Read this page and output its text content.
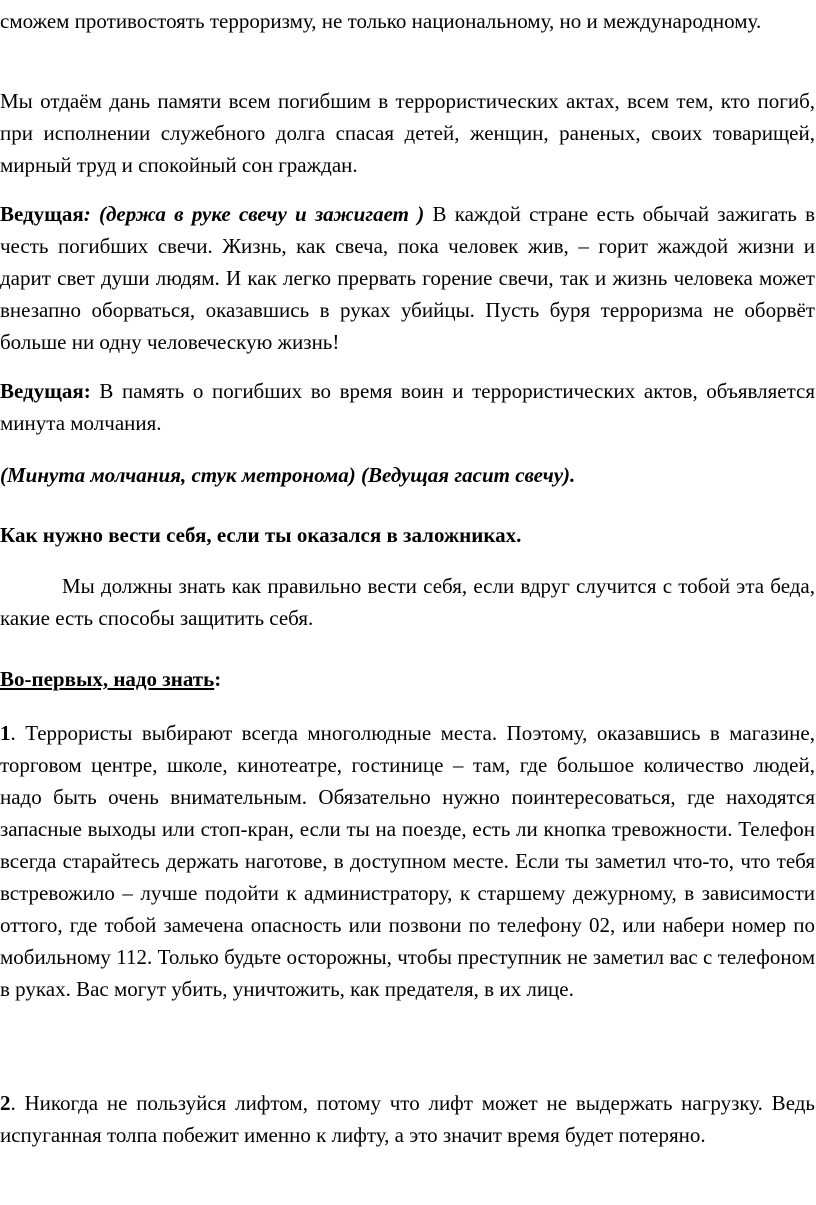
сможем противостоять терроризму, не только национальному, но и международному.

Мы отдаём дань памяти всем погибшим в террористических актах, всем тем, кто погиб, при исполнении служебного долга спасая детей, женщин, раненых, своих товарищей, мирный труд и спокойный сон граждан.

Ведущая: (держа в руке свечу и зажигает ) В каждой стране есть обычай зажигать в честь погибших свечи. Жизнь, как свеча, пока человек жив, – горит жаждой жизни и дарит свет души людям. И как легко прервать горение свечи, так и жизнь человека может внезапно оборваться, оказавшись в руках убийцы. Пусть буря терроризма не оборвёт больше ни одну человеческую жизнь!

Ведущая: В память о погибших во время воин и террористических актов, объявляется минута молчания.

(Минута молчания, стук метронома) (Ведущая гасит свечу).

Как нужно вести себя, если ты оказался в заложниках.

Мы должны знать как правильно вести себя, если вдруг случится с тобой эта беда, какие есть способы защитить себя.

Во-первых, надо знать:

1. Террористы выбирают всегда многолюдные места. Поэтому, оказавшись в магазине, торговом центре, школе, кинотеатре, гостинице – там, где большое количество людей, надо быть очень внимательным. Обязательно нужно поинтересоваться, где находятся запасные выходы или стоп-кран, если ты на поезде, есть ли кнопка тревожности. Телефон всегда старайтесь держать наготове, в доступном месте. Если ты заметил что-то, что тебя встревожило – лучше подойти к администратору, к старшему дежурному, в зависимости оттого, где тобой замечена опасность или позвони по телефону 02, или набери номер по мобильному 112. Только будьте осторожны, чтобы преступник не заметил вас с телефоном в руках. Вас могут убить, уничтожить, как предателя, в их лице.

2. Никогда не пользуйся лифтом, потому что лифт может не выдержать нагрузку. Ведь испуганная толпа побежит именно к лифту, а это значит время будет потеряно.
